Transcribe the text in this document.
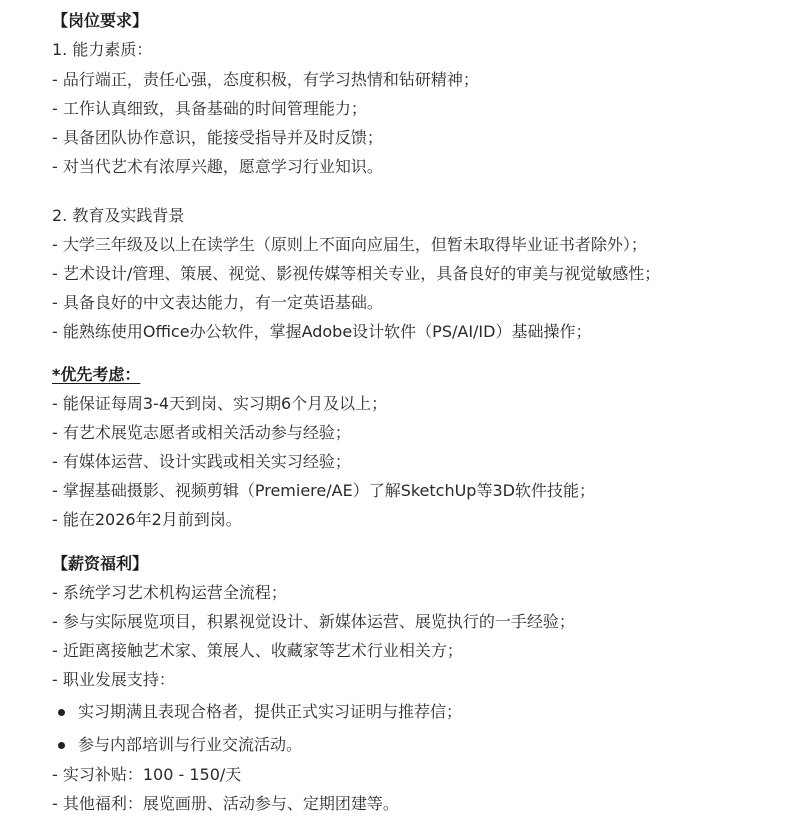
【岗位要求】
1. 能力素质：
- 品行端正，责任心强，态度积极，有学习热情和钻研精神；
- 工作认真细致，具备基础的时间管理能力；
- 具备团队协作意识，能接受指导并及时反馈；
- 对当代艺术有浓厚兴趣，愿意学习行业知识。
2. 教育及实践背景
- 大学三年级及以上在读学生（原则上不面向应届生，但暂未取得毕业证书者除外）；
- 艺术设计/管理、策展、视觉、影视传媒等相关专业，具备良好的审美与视觉敏感性；
- 具备良好的中文表达能力，有一定英语基础。
- 能熟练使用Office办公软件，掌握Adobe设计软件（PS/AI/ID）基础操作；
*优先考虑：
- 能保证每周3-4天到岗、实习期6个月及以上；
- 有艺术展览志愿者或相关活动参与经验；
- 有媒体运营、设计实践或相关实习经验；
- 掌握基础摄影、视频剪辑（Premiere/AE）了解SketchUp等3D软件技能；
- 能在2026年2月前到岗。
【薪资福利】
- 系统学习艺术机构运营全流程；
- 参与实际展览项目，积累视觉设计、新媒体运营、展览执行的一手经验；
- 近距离接触艺术家、策展人、收藏家等艺术行业相关方；
- 职业发展支持：
实习期满且表现合格者，提供正式实习证明与推荐信；
参与内部培训与行业交流活动。
- 实习补贴：100 - 150/天
- 其他福利：展览画册、活动参与、定期团建等。
